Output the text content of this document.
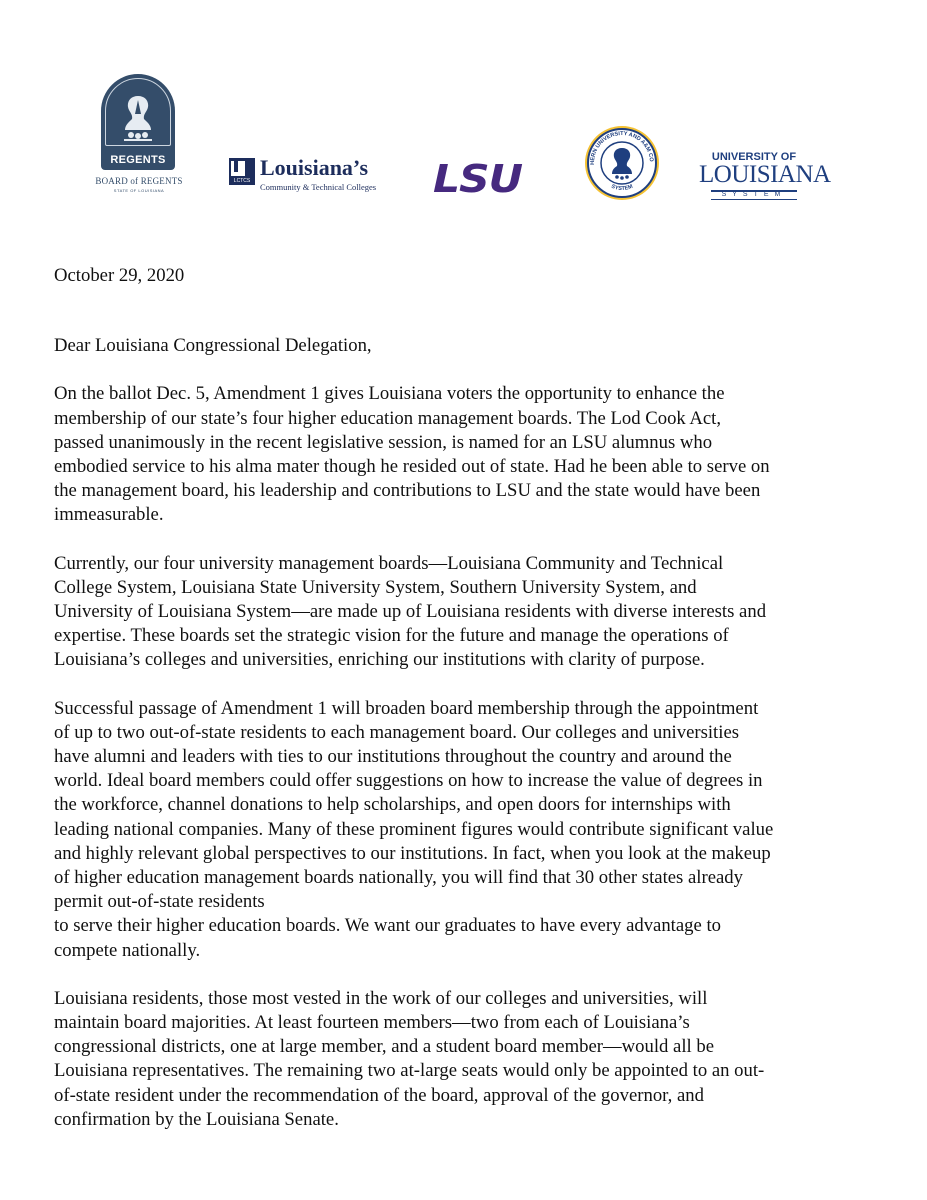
REGENTS
BOARD of REGENTS
STATE OF LOUISIANA
LCTCS
Louisiana’s
Community & Technical Colleges LSU	HERN UNIVERSITY AND A&M CO
SYSTEM
UNIVERSITY OF
LOUISIANA
SYSTEM

October 29, 2020

Dear Louisiana Congressional Delegation,

On the ballot Dec. 5, Amendment 1 gives Louisiana voters the opportunity to enhance the
membership of our state’s four higher education management boards. The Lod Cook Act,
passed unanimously in the recent legislative session, is named for an LSU alumnus who
embodied service to his alma mater though he resided out of state. Had he been able to serve on
the management board, his leadership and contributions to LSU and the state would have been
immeasurable.

Currently, our four university management boards—Louisiana Community and Technical
College System, Louisiana State University System, Southern University System, and
University of Louisiana System—are made up of Louisiana residents with diverse interests and
expertise. These boards set the strategic vision for the future and manage the operations of
Louisiana’s colleges and universities, enriching our institutions with clarity of purpose.

Successful passage of Amendment 1 will broaden board membership through the appointment
of up to two out-of-state residents to each management board. Our colleges and universities
have alumni and leaders with ties to our institutions throughout the country and around the
world. Ideal board members could offer suggestions on how to increase the value of degrees in
the workforce, channel donations to help scholarships, and open doors for internships with
leading national companies. Many of these prominent figures would contribute significant value
and highly relevant global perspectives to our institutions. In fact, when you look at the makeup
of higher education management boards nationally, you will find that 30 other states already
permit out-of-state residents
to serve their higher education boards. We want our graduates to have every advantage to
compete nationally.

Louisiana residents, those most vested in the work of our colleges and universities, will
maintain board majorities. At least fourteen members—two from each of Louisiana’s
congressional districts, one at large member, and a student board member—would all be
Louisiana representatives. The remaining two at-large seats would only be appointed to an out-
of-state resident under the recommendation of the board, approval of the governor, and
confirmation by the Louisiana Senate.
